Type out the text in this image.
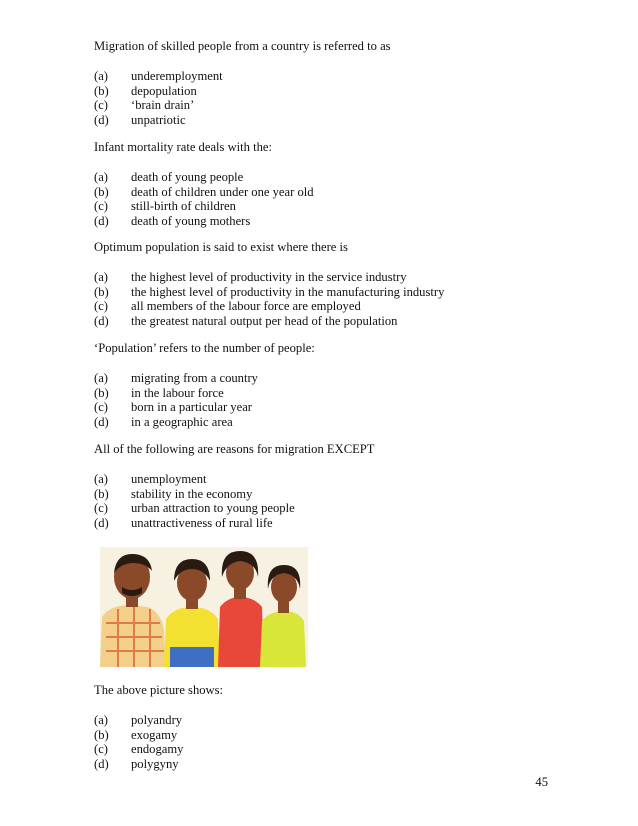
Migration of skilled people from a country is referred to as
(a) underemployment
(b) depopulation
(c) ‘brain drain’
(d) unpatriotic
Infant mortality rate deals with the:
(a) death of young people
(b) death of children under one year old
(c) still-birth of children
(d) death of young mothers
Optimum population is said to exist where there is
(a) the highest level of productivity in the service industry
(b) the highest level of productivity in the manufacturing industry
(c) all members of the labour force are employed
(d) the greatest natural output per head of the population
‘Population’ refers to the number of people:
(a) migrating from a country
(b) in the labour force
(c) born in a particular year
(d) in a geographic area
All of the following are reasons for migration EXCEPT
(a) unemployment
(b) stability in the economy
(c) urban attraction to young people
(d) unattractiveness of rural life
The above picture shows:
(a) polyandry
(b) exogamy
(c) endogamy
(d) polygyny
45
